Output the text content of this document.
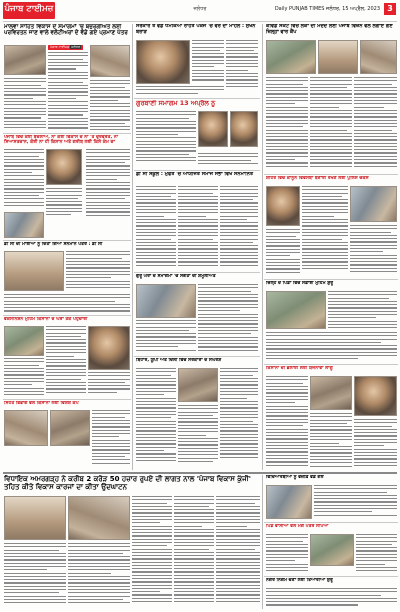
ਪੰਜਾਬ ਟਾਈਮਜ਼	ਜਲੰਧਰ	Daily PUNJAB TIMES ਜਲੰਧਰ, 15 ਅਪ੍ਰੈਲ, 2023 3
ਮਾਲਵਾ ਸਾਹਿਤ ਵਿਕਾਸ ਦੇ ਸਮਾਗਮਾਂ 'ਚ ਬਜ਼ੁਰਗੀਅਤ ਲਈ ਪਰਵਿਰਤਨ ਜਾਣ ਵਾਲੇ ਵਲੰਟੀਅਰਾਂ ਦੇ ਵੰਡੇ ਗਏ ਪ੍ਰਮਾਣ ਪੱਤਰ
ਪੰਜਾਬ ਟਾਈਮਜ਼ ਜਲੰਧਰ
ਪੰਜਾਬ ਵਿਚ ਕੋਈ ਬਦਲਾਅ, ਨਾ ਕੋਈ ਵਿਕਾਸ ਦੇ ਨਾਂ 'ਤੇ ਦੁਰਵਰਤੋਂ, ਨਾ ਸਿਆਸਤਦਾਨ, ਕੋਈ ਨਾ ਹੀ ਕਿਸਾਨ ਅਤੇ ਗਰੀਬ ਲਈ ਕਿਸੇ ਕੰਮ ਦਾ
ਡੀ ਸੀ ਦੀ ਮਾਈਆਂ ਨੂੰ ਦਿੱਤਾ ਗਿਆ ਸਨਮਾਨ ਪੱਤਰ : ਡੀ ਸੀ
ਵੈਕਸੀਨੇਸ਼ਨ ਮੁਹਿੰਮ ਕਿਸਾਨਾਂ ਦੇ ਘਰਾਂ ਤੱਕ ਪਹੁੰਚਾਈ
ਸਿਹਤ ਵਿਭਾਗ ਵੱਲੋਂ ਕਿਸਾਨਾਂ ਲਈ ਵਿਸ਼ੇਸ਼ ਕੈਂਪ
ਸਰਕਾਰ ਤੋਂ ਵੱਡੇ ਧਮਕਿਆਂ ਰਾਹਤ ਪੈਕੇਜ 'ਚ ਵਰ ਦਾ ਮਾਹੌਲ : ਸੁਖਨ ਬਰਾੜ
ਗੁਰਬਾਣੀ ਸਮਾਗਮ 13 ਅਪ੍ਰੈਲ ਨੂੰ
ਡੀ ਸੀ ਸਕੂਲ : ਮੁਫਤ 'ਚ ਆਯੋਜਿਤ ਸਮਾਜ ਸਭਾ ਵਿਖੇ ਸਨਮਾਨਿਤ
ਗੁਰੂ ਘਰਾਂ ਦੇ ਸਮਾਗਮਾਂ 'ਚ ਸੰਗਤਾਂ ਦੀ ਸ਼ਮੂਲੀਅਤ
ਬਿਹਾਰ, ਯੂਪੀ ਅਤੇ ਦਿੱਲੀ ਵਿਚ ਸਰਕਾਰਾਂ ਦੇ ਸੰਘਰਸ਼
ਕੋਵਿਡ ਸੰਕਟ ਵਿੱਚ ਲੋਕਾਂ ਦੀ ਮਦਦ ਲਈ ਪੰਜਾਬ ਵਿਜ਼ਨ ਵਲੋਂ ਲਗਾਏ ਗਏ ਜ਼ਿਲ੍ਹਾ ਵਾਰ ਕੈਂਪ
ਸ਼ਹਿਰ ਵਿੱਚ ਕਾਨੂੰਨ ਵਿਵਸਥਾ ਬਣਾਈ ਰੱਖਣ ਲਈ ਪੁਲਿਸ ਚੌਕਸ
ਜ਼ਿਲ੍ਹੇ ਦੇ ਪਿੰਡਾਂ ਵਿਚ ਸਫ਼ਾਈ ਮੁਹਿੰਮ ਸ਼ੁਰੂ
ਕਿਸਾਨਾਂ ਦੀ ਭਲਾਈ ਲਈ ਯੋਜਨਾਵਾਂ ਲਾਗੂ
ਵਿਧਾਇਕ ਅਮਰਗੜ੍ਹ ਨੇ ਕਰੀਬ 2 ਕਰੋੜ 50 ਹਜ਼ਾਰ ਰੁਪਏ ਦੀ ਲਾਗਤ ਨਾਲ 'ਪੰਜਾਬ ਵਿਕਾਸ ਕੁੰਜੀ' ਤਹਿਤ ਕੀਤੇ ਵਿਕਾਸ ਕਾਰਜਾਂ ਦਾ ਕੀਤਾ ਉਦਘਾਟਨ
ਵਿਦਿਆਰਥੀਆਂ ਨੂੰ ਵਜ਼ੀਫ਼ੇ ਵੰਡੇ ਗਏ
ਪਿੰਡ ਵਾਸੀਆਂ ਵੱਲੋਂ ਮੰਗ ਪੱਤਰ ਸੌਂਪਿਆ
ਨਗਰ ਨਿਗਮ ਚੋਣਾਂ ਲਈ ਤਿਆਰੀਆਂ ਸ਼ੁਰੂ
